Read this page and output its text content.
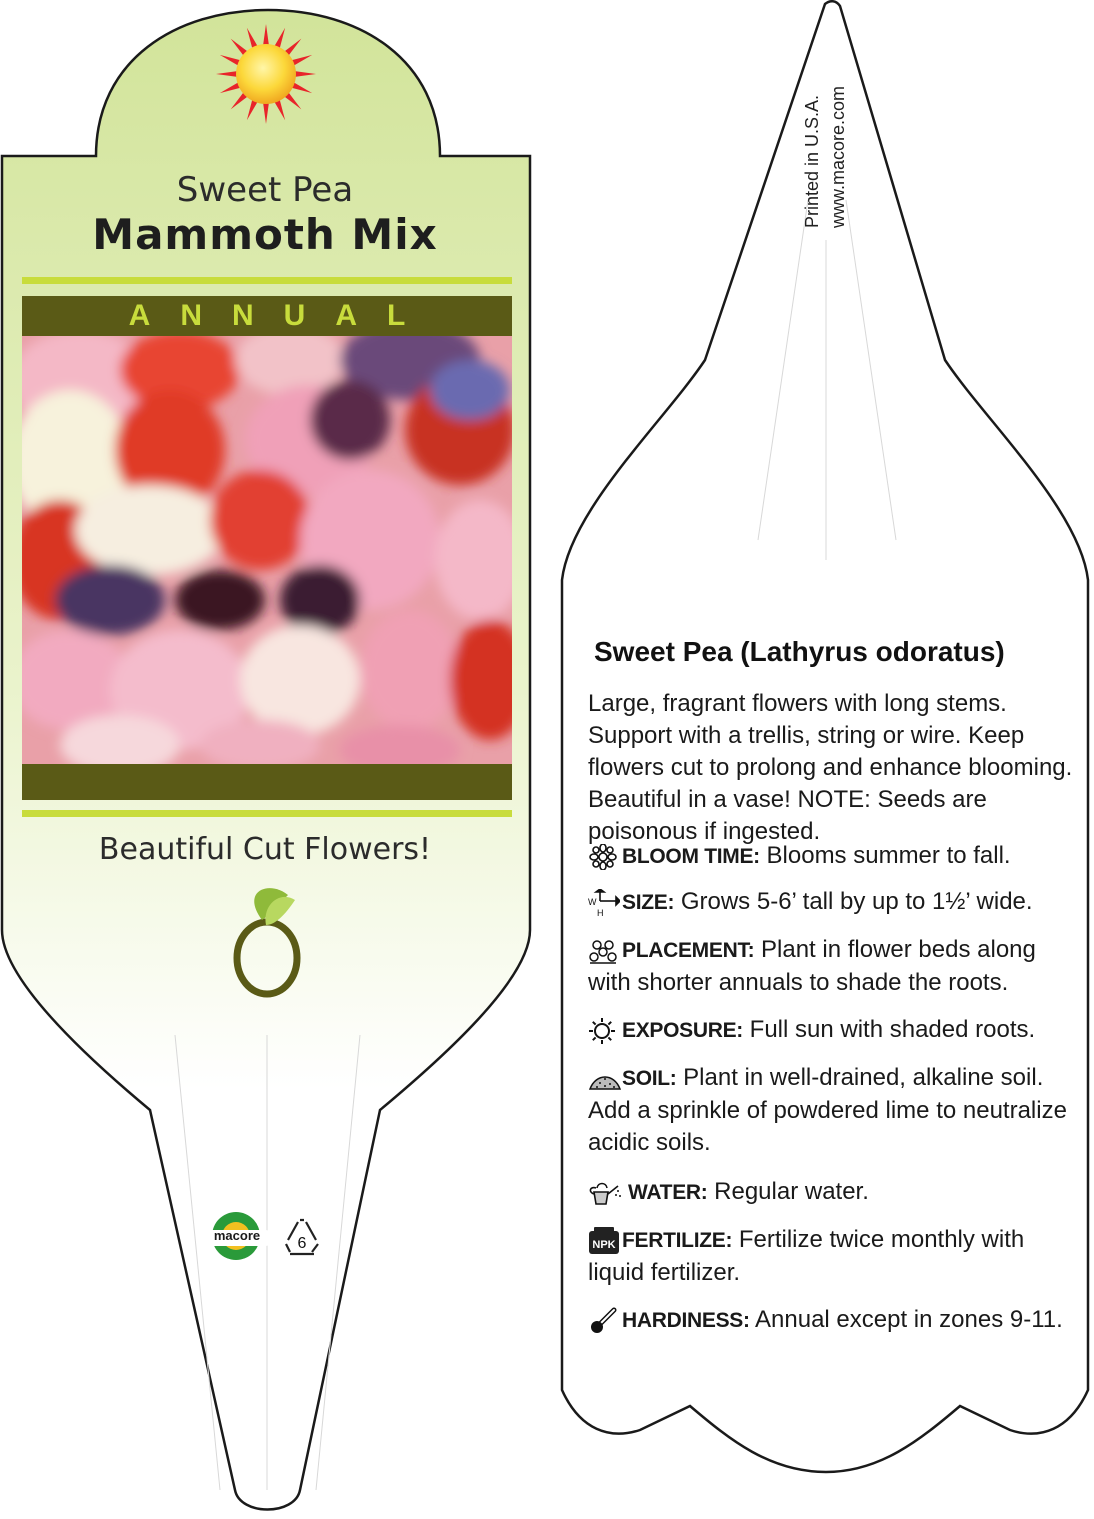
Sweet Pea
Mammoth Mix
ANNUAL
Beautiful Cut Flowers!
macore	6
Printed in U.S.A. www.macore.com
Sweet Pea (Lathyrus odoratus)
Large, fragrant flowers with long stems. Support with a trellis, string or wire. Keep flowers cut to prolong and enhance blooming. Beautiful in a vase! NOTE: Seeds are poisonous if ingested.
BLOOM TIME: Blooms summer to fall.
W
H SIZE: Grows 5-6’ tall by up to 1½’ wide.
PLACEMENT: Plant in flower beds along with shorter annuals to shade the roots.
EXPOSURE: Full sun with shaded roots.
SOIL: Plant in well-drained, alkaline soil. Add a sprinkle of powdered lime to neutralize acidic soils.
WATER: Regular water.
NPK FERTILIZE: Fertilize twice monthly with liquid fertilizer.
HARDINESS: Annual except in zones 9-11.
